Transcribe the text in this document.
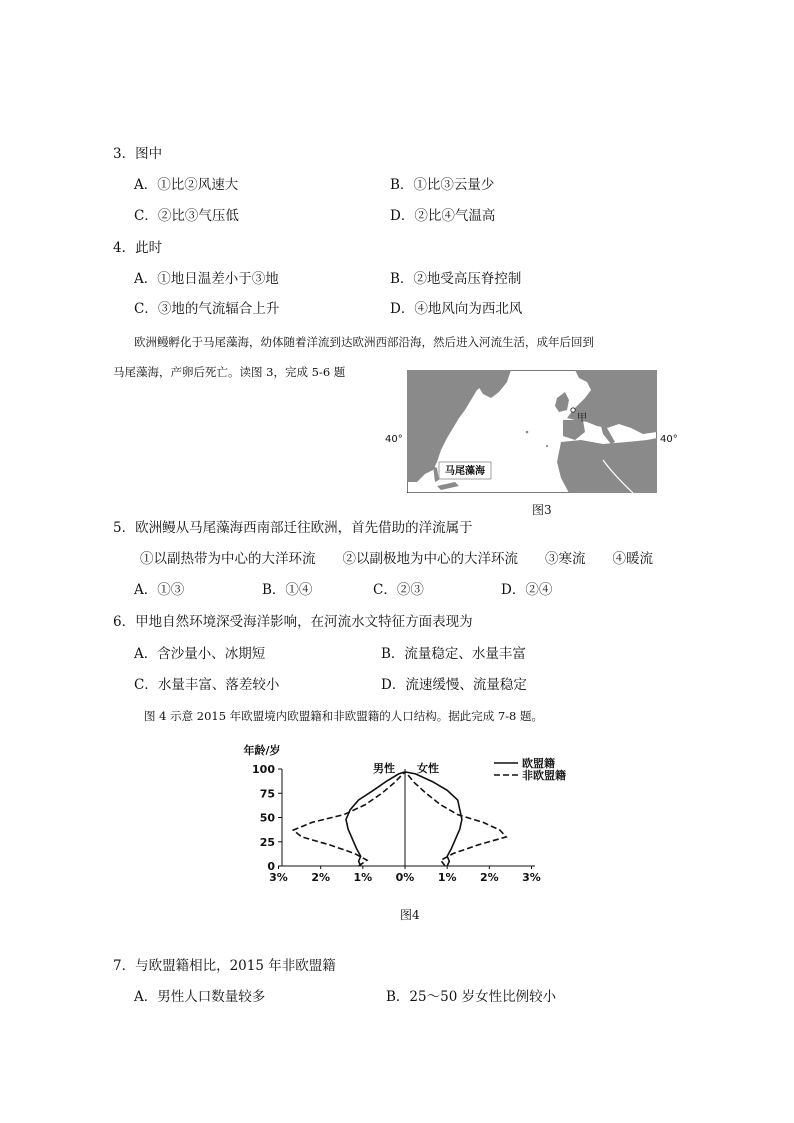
3．图中
A．①比②风速大	B．①比③云量少
C．②比③气压低	D．②比④气温高
4．此时
A．①地日温差小于③地	B．②地受高压脊控制
C．③地的气流辐合上升	D．④地风向为西北风
欧洲鳗孵化于马尾藻海，幼体随着洋流到达欧洲西部沿海，然后进入河流生活，成年后回到
马尾藻海，产卵后死亡。读图 3，完成 5-6 题
马尾藻海
甲
40°	40°
图3
5．欧洲鳗从马尾藻海西南部迁往欧洲，首先借助的洋流属于
①以副热带为中心的大洋环流　　②以副极地为中心的大洋环流　　③寒流　　④暖流
A．①③	B．①④	C．②③	D．②④
6．甲地自然环境深受海洋影响，在河流水文特征方面表现为
A．含沙量小、冰期短	B．流量稳定、水量丰富
C．水量丰富、落差较小	D．流速缓慢、流量稳定
图 4 示意 2015 年欧盟境内欧盟籍和非欧盟籍的人口结构。据此完成 7-8 题。
年龄/岁
100
75
50
25
0
3% 2% 1% 0% 1% 2% 3%
男性 女性	欧盟籍
非欧盟籍
图4
7．与欧盟籍相比，2015 年非欧盟籍
A．男性人口数量较多	B．25～50 岁女性比例较小
